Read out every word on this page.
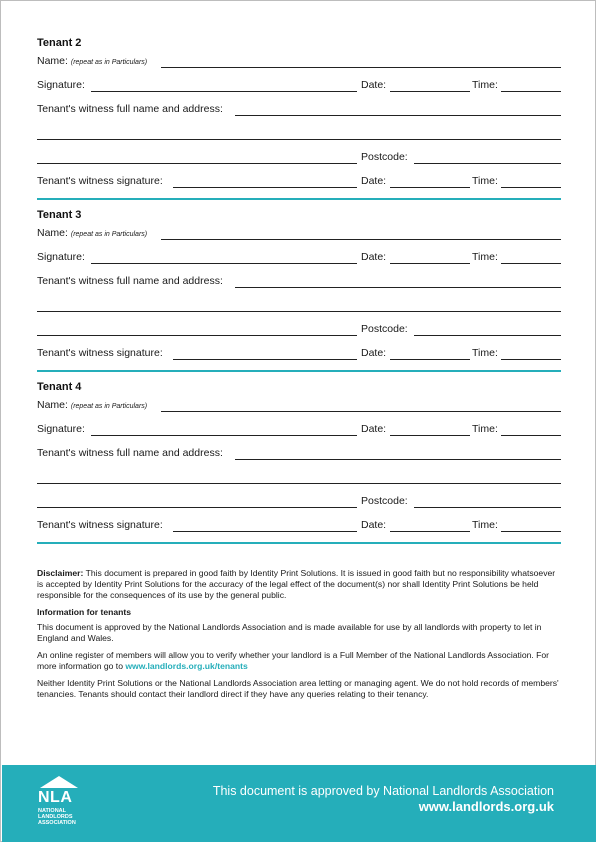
Tenant 2
Name: (repeat as in Particulars)
Signature:	Date:	Time:
Tenant's witness full name and address:
Postcode:
Tenant's witness signature:	Date:	Time:
Tenant 3
Name: (repeat as in Particulars)
Signature:	Date:	Time:
Tenant's witness full name and address:
Postcode:
Tenant's witness signature:	Date:	Time:
Tenant 4
Name: (repeat as in Particulars)
Signature:	Date:	Time:
Tenant's witness full name and address:
Postcode:
Tenant's witness signature:	Date:	Time:

Disclaimer: This document is prepared in good faith by Identity Print Solutions. It is issued in good faith but no responsibility whatsoever is accepted by Identity Print Solutions for the accuracy of the legal effect of the document(s) nor shall Identity Print Solutions be held responsible for the consequences of its use by the general public.

Information for tenants

This document is approved by the National Landlords Association and is made available for use by all landlords with property to let in England and Wales.

An online register of members will allow you to verify whether your landlord is a Full Member of the National Landlords Association. For more information go to www.landlords.org.uk/tenants

Neither Identity Print Solutions or the National Landlords Association area letting or managing agent. We do not hold records of members' tenancies. Tenants should contact their landlord direct if they have any queries relating to their tenancy.

NLA
NATIONAL
LANDLORDS
ASSOCIATION
This document is approved by National Landlords Association
www.landlords.org.uk
